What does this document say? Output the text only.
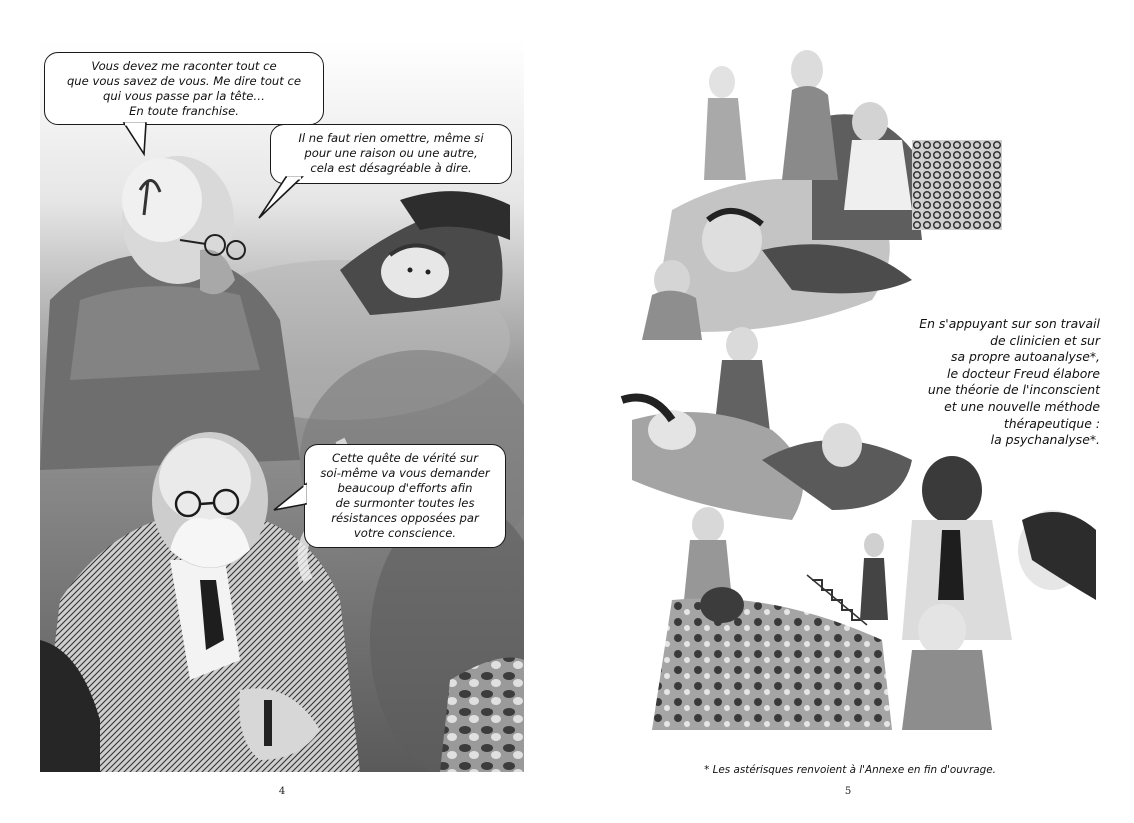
Vous devez me raconter tout ce
que vous savez de vous. Me dire tout ce
qui vous passe par la tête…
En toute franchise.
Il ne faut rien omettre, même si
pour une raison ou une autre,
cela est désagréable à dire.
Cette quête de vérité sur
soi-même va vous demander
beaucoup d'efforts afin
de surmonter toutes les
résistances opposées par
votre conscience.
En s'appuyant sur son travail
de clinicien et sur
sa propre autoanalyse*,
le docteur Freud élabore
une théorie de l'inconscient
et une nouvelle méthode
thérapeutique :
la psychanalyse*.
* Les astérisques renvoient à l'Annexe en fin d'ouvrage.
4	5
